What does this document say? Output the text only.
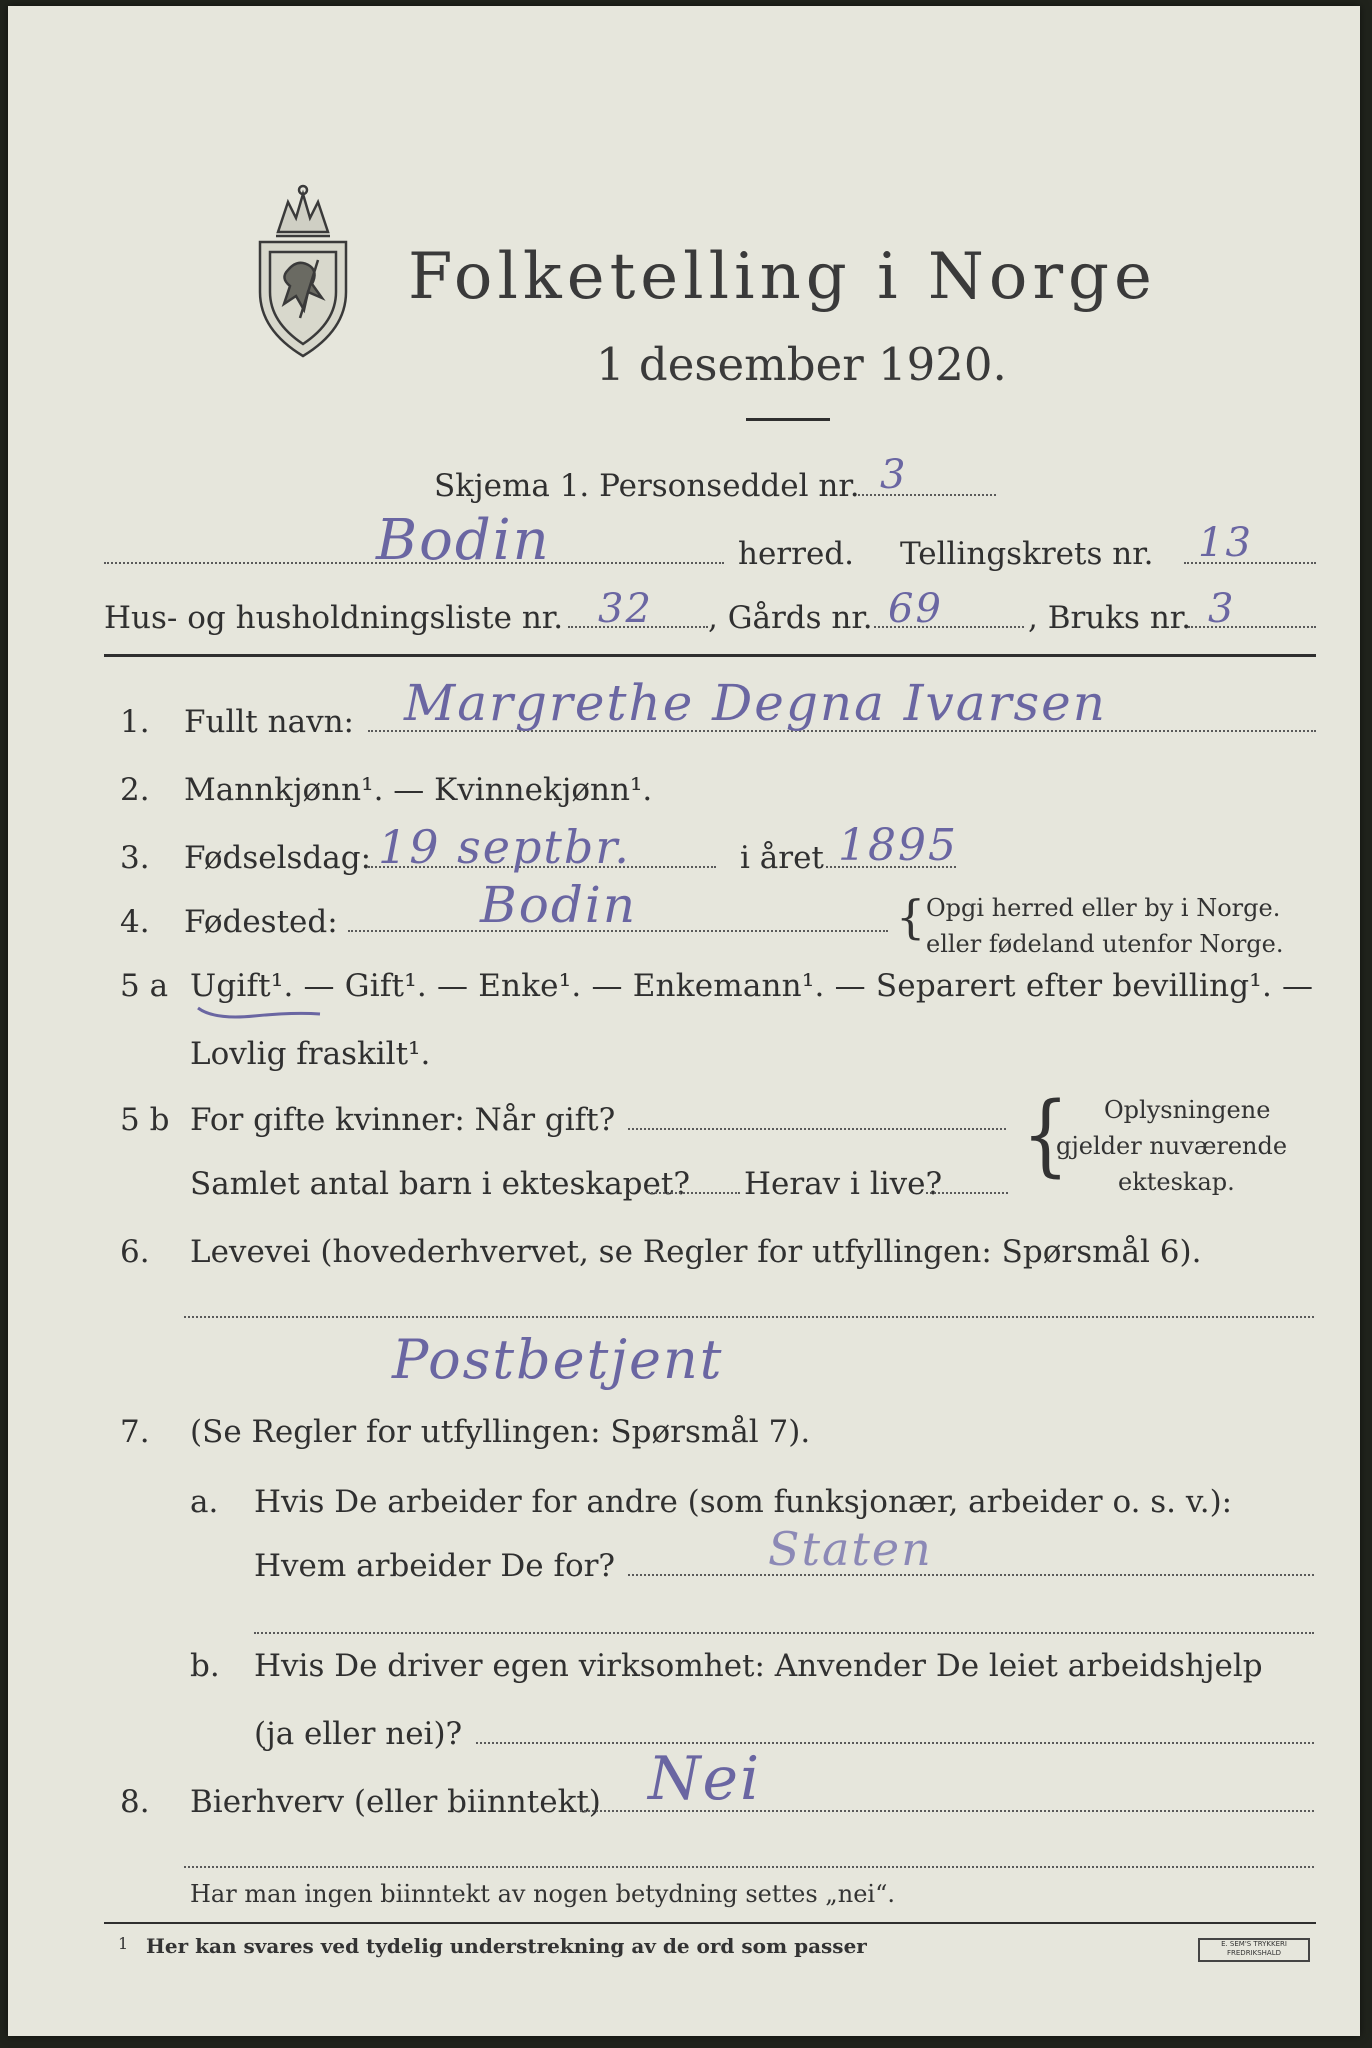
Folketelling i Norge
1 desember 1920.
Skjema 1. Personseddel nr. 3
Bodin	herred. Tellingskrets nr. 13
Hus- og husholdningsliste nr. 32 , Gårds nr. 69	, Bruks nr. 3
1. Fullt navn: Margrethe Degna Ivarsen
2. Mannkjønn¹. — Kvinnekjønn¹.
3. Fødselsdag: 19 septbr.	i året 1895
4. Fødested:	Bodin	{ Opgi herred eller by i Norge.
eller fødeland utenfor Norge.
5 a Ugift¹. — Gift¹. — Enke¹. — Enkemann¹. — Separert efter bevilling¹. —
Lovlig fraskilt¹.
5 b For gifte kvinner: Når gift?
Samlet antal barn i ekteskapet? Herav i live? { Oplysningene
gjelder nuværende
ekteskap.
6. Levevei (hovederhvervet, se Regler for utfyllingen: Spørsmål 6).
Postbetjent
7. (Se Regler for utfyllingen: Spørsmål 7).
a. Hvis De arbeider for andre (som funksjonær, arbeider o. s. v.):
Hvem arbeider De for?	Staten
b. Hvis De driver egen virksomhet: Anvender De leiet arbeidshjelp
(ja eller nei)?
8. Bierhverv (eller biinntekt) Nei
Har man ingen biinntekt av nogen betydning settes „nei“.
1 Her kan svares ved tydelig understrekning av de ord som passer	E. SEM'S TRYKKERI FREDRIKSHALD
